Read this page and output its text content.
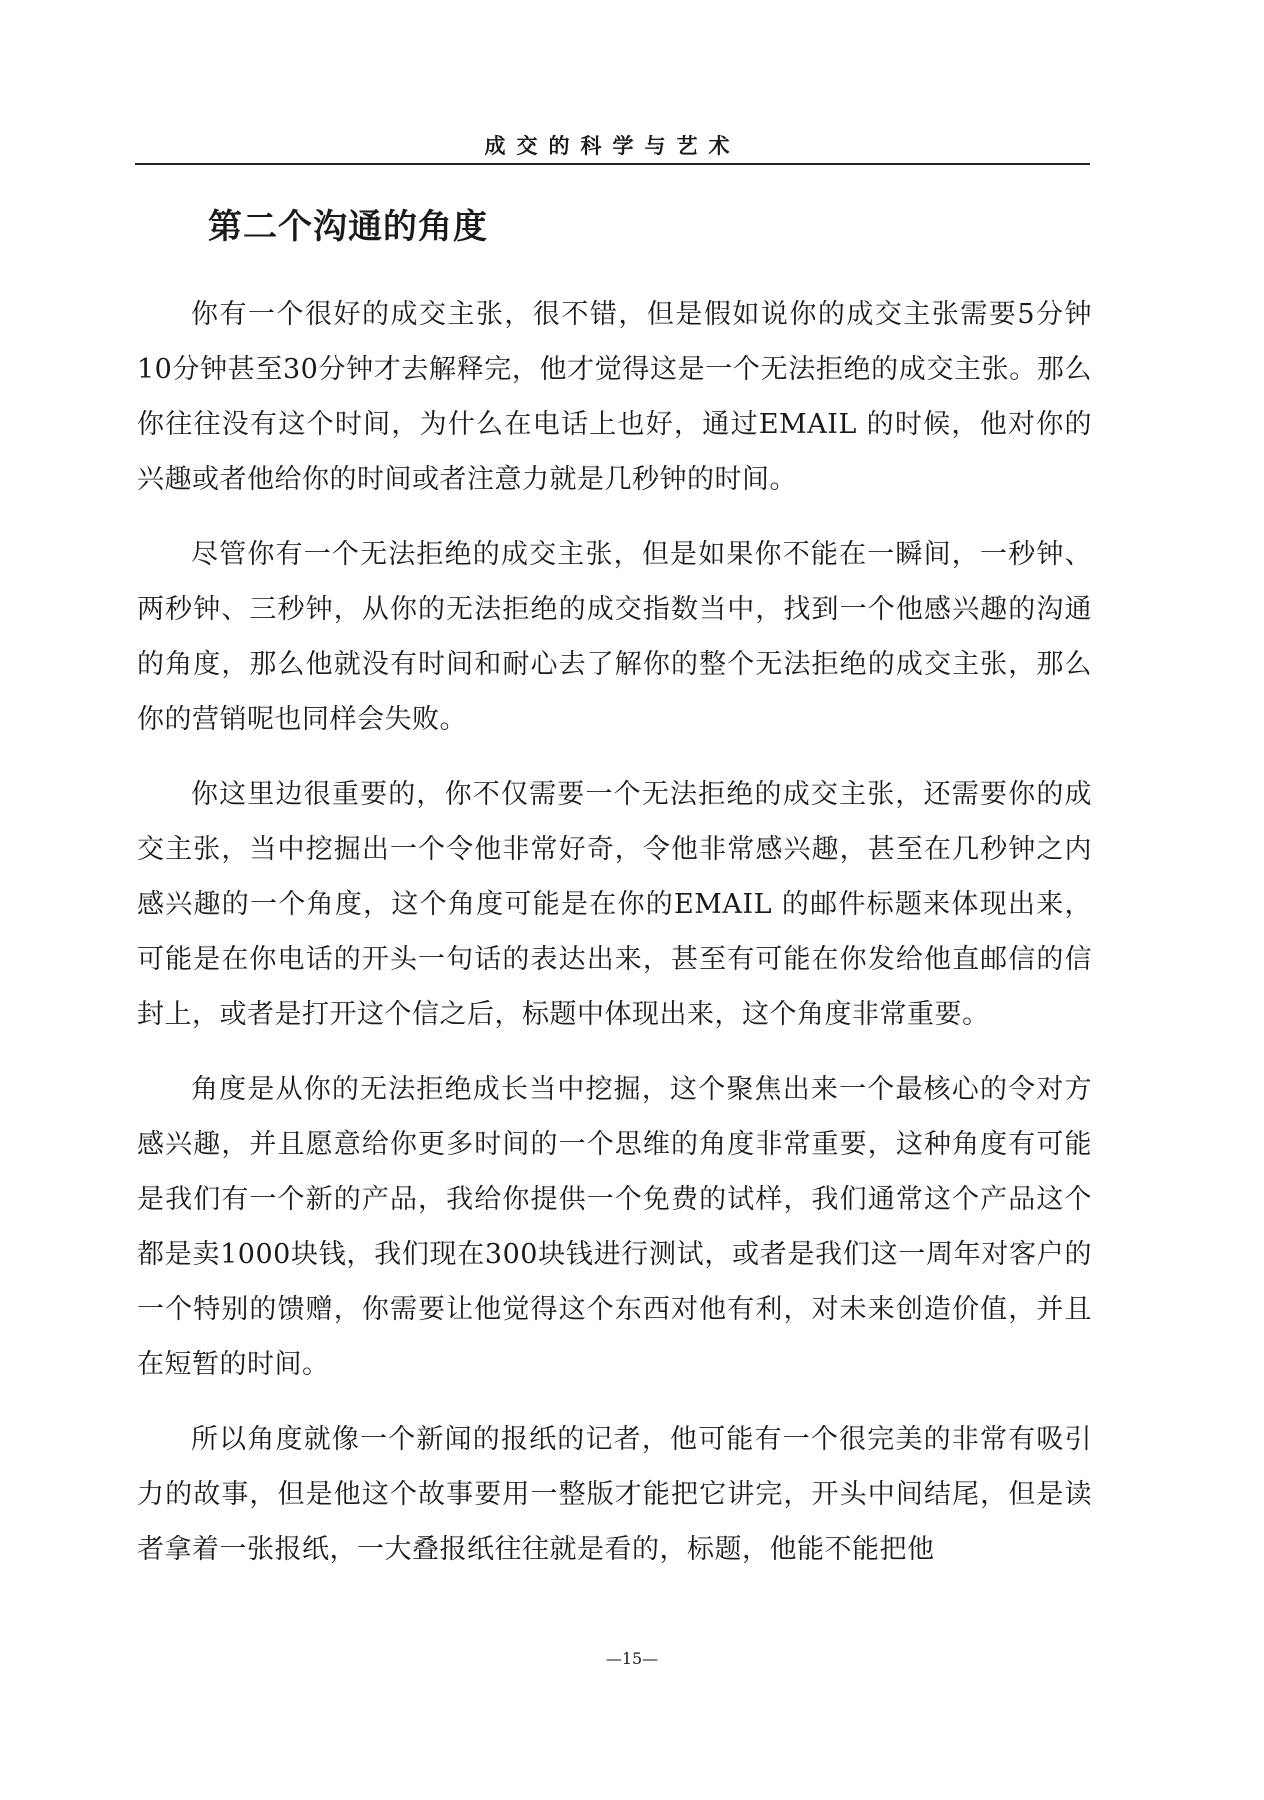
成交的科学与艺术
第二个沟通的角度

你有一个很好的成交主张，很不错，但是假如说你的成交主张需要5分钟10分钟甚至30分钟才去解释完，他才觉得这是一个无法拒绝的成交主张。那么你往往没有这个时间，为什么在电话上也好，通过EMAIL 的时候，他对你的兴趣或者他给你的时间或者注意力就是几秒钟的时间。

尽管你有一个无法拒绝的成交主张，但是如果你不能在一瞬间，一秒钟、两秒钟、三秒钟，从你的无法拒绝的成交指数当中，找到一个他感兴趣的沟通的角度，那么他就没有时间和耐心去了解你的整个无法拒绝的成交主张，那么你的营销呢也同样会失败。

你这里边很重要的，你不仅需要一个无法拒绝的成交主张，还需要你的成交主张，当中挖掘出一个令他非常好奇，令他非常感兴趣，甚至在几秒钟之内感兴趣的一个角度，这个角度可能是在你的EMAIL 的邮件标题来体现出来，可能是在你电话的开头一句话的表达出来，甚至有可能在你发给他直邮信的信封上，或者是打开这个信之后，标题中体现出来，这个角度非常重要。

角度是从你的无法拒绝成长当中挖掘，这个聚焦出来一个最核心的令对方感兴趣，并且愿意给你更多时间的一个思维的角度非常重要，这种角度有可能是我们有一个新的产品，我给你提供一个免费的试样，我们通常这个产品这个都是卖1000块钱，我们现在300块钱进行测试，或者是我们这一周年对客户的一个特别的馈赠，你需要让他觉得这个东西对他有利，对未来创造价值，并且在短暂的时间。

所以角度就像一个新闻的报纸的记者，他可能有一个很完美的非常有吸引力的故事，但是他这个故事要用一整版才能把它讲完，开头中间结尾，但是读者拿着一张报纸，一大叠报纸往往就是看的，标题，他能不能把他

—15—
